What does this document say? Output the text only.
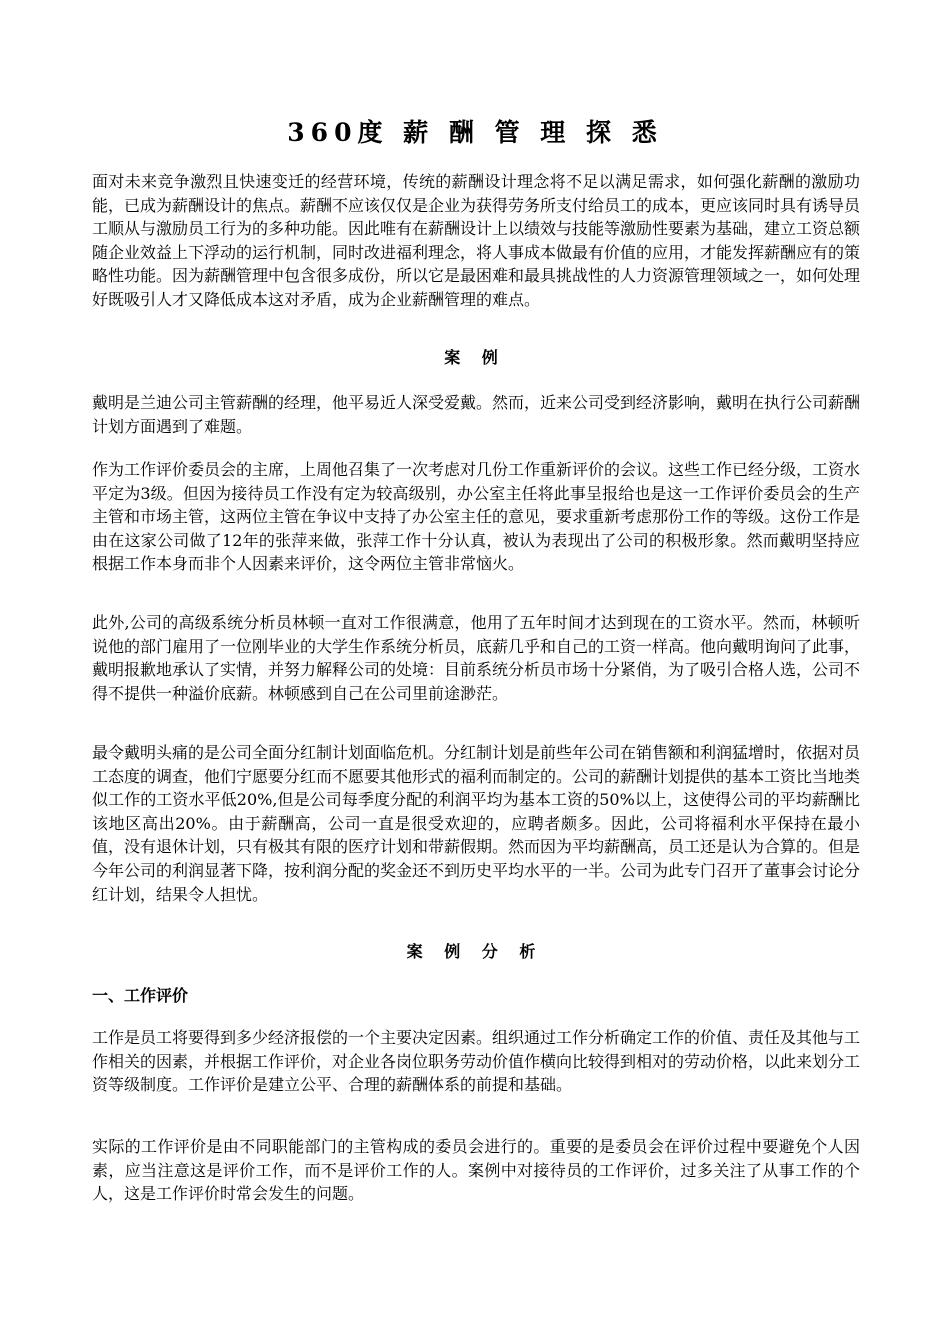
360度 薪 酬 管 理 探 悉

面对未来竞争激烈且快速变迁的经营环境，传统的薪酬设计理念将不足以满足需求，如何强化薪酬的激励功能，已成为薪酬设计的焦点。薪酬不应该仅仅是企业为获得劳务所支付给员工的成本，更应该同时具有诱导员工顺从与激励员工行为的多种功能。因此唯有在薪酬设计上以绩效与技能等激励性要素为基础，建立工资总额随企业效益上下浮动的运行机制，同时改进福利理念，将人事成本做最有价值的应用，才能发挥薪酬应有的策略性功能。因为薪酬管理中包含很多成份，所以它是最困难和最具挑战性的人力资源管理领域之一，如何处理好既吸引人才又降低成本这对矛盾，成为企业薪酬管理的难点。

案 例

戴明是兰迪公司主管薪酬的经理，他平易近人深受爱戴。然而，近来公司受到经济影响，戴明在执行公司薪酬计划方面遇到了难题。

作为工作评价委员会的主席，上周他召集了一次考虑对几份工作重新评价的会议。这些工作已经分级，工资水平定为3级。但因为接待员工作没有定为较高级别，办公室主任将此事呈报给也是这一工作评价委员会的生产主管和市场主管，这两位主管在争议中支持了办公室主任的意见，要求重新考虑那份工作的等级。这份工作是由在这家公司做了12年的张萍来做，张萍工作十分认真，被认为表现出了公司的积极形象。然而戴明坚持应根据工作本身而非个人因素来评价，这令两位主管非常恼火。

此外,公司的高级系统分析员林顿一直对工作很满意，他用了五年时间才达到现在的工资水平。然而，林顿听说他的部门雇用了一位刚毕业的大学生作系统分析员，底薪几乎和自己的工资一样高。他向戴明询问了此事，戴明报歉地承认了实情，并努力解释公司的处境：目前系统分析员市场十分紧俏，为了吸引合格人选，公司不得不提供一种溢价底薪。林顿感到自己在公司里前途渺茫。

最令戴明头痛的是公司全面分红制计划面临危机。分红制计划是前些年公司在销售额和利润猛增时，依据对员工态度的调查，他们宁愿要分红而不愿要其他形式的福利而制定的。公司的薪酬计划提供的基本工资比当地类似工作的工资水平低20%,但是公司每季度分配的利润平均为基本工资的50%以上，这使得公司的平均薪酬比该地区高出20%。由于薪酬高，公司一直是很受欢迎的，应聘者颇多。因此，公司将福利水平保持在最小值，没有退休计划，只有极其有限的医疗计划和带薪假期。然而因为平均薪酬高，员工还是认为合算的。但是今年公司的利润显著下降，按利润分配的奖金还不到历史平均水平的一半。公司为此专门召开了董事会讨论分红计划，结果令人担忧。

案 例 分 析
一、工作评价

工作是员工将要得到多少经济报偿的一个主要决定因素。组织通过工作分析确定工作的价值、责任及其他与工作相关的因素，并根据工作评价，对企业各岗位职务劳动价值作横向比较得到相对的劳动价格，以此来划分工资等级制度。工作评价是建立公平、合理的薪酬体系的前提和基础。

实际的工作评价是由不同职能部门的主管构成的委员会进行的。重要的是委员会在评价过程中要避免个人因素，应当注意这是评价工作，而不是评价工作的人。案例中对接待员的工作评价，过多关注了从事工作的个人，这是工作评价时常会发生的问题。
